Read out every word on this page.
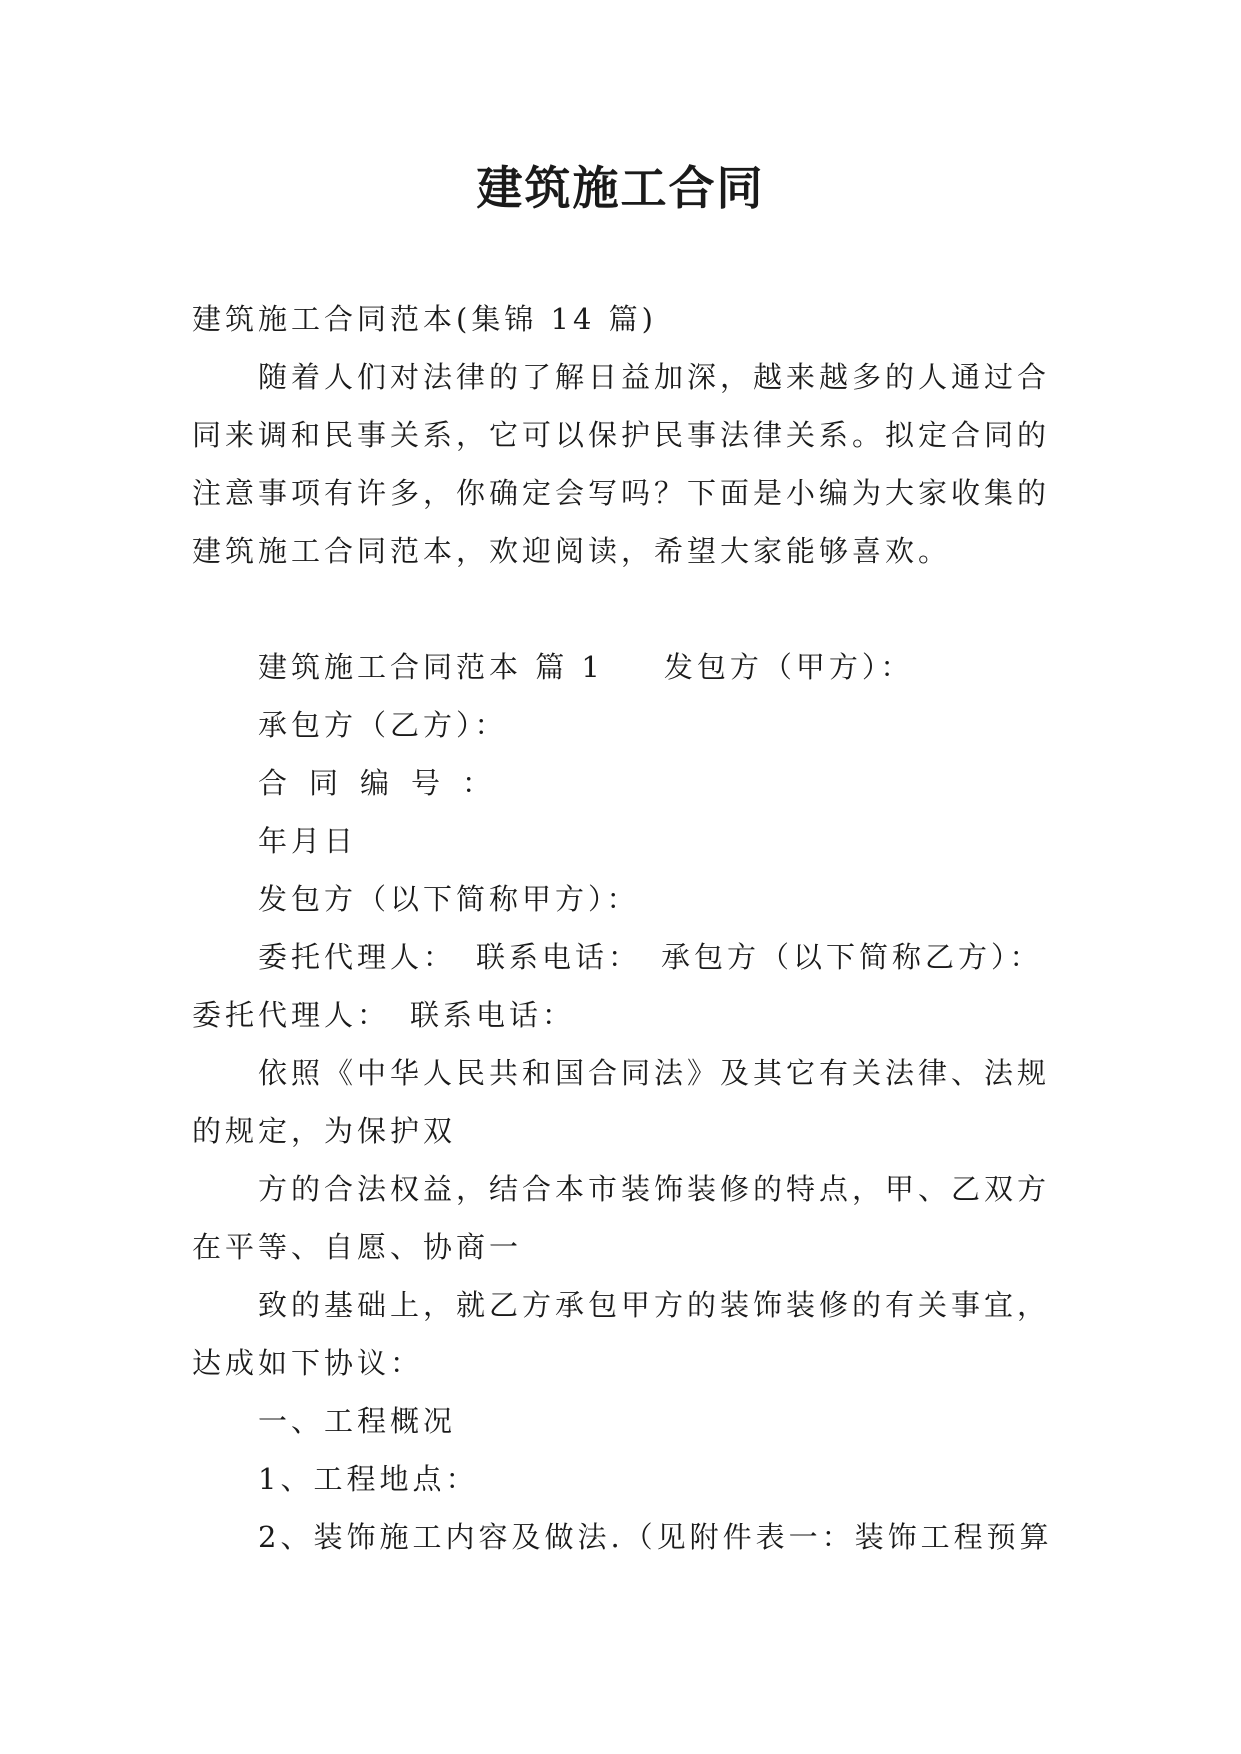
建筑施工合同
建筑施工合同范本(集锦 14 篇)
随着人们对法律的了解日益加深，越来越多的人通过合
同来调和民事关系，它可以保护民事法律关系。拟定合同的
注意事项有许多，你确定会写吗？下面是小编为大家收集的
建筑施工合同范本，欢迎阅读，希望大家能够喜欢。
建筑施工合同范本 篇 1 发包方（甲方）：
承包方（乙方）：
合同编号：
年月日
发包方（以下简称甲方）：
委托代理人： 联系电话： 承包方（以下简称乙方）：
委托代理人： 联系电话：
依照《中华人民共和国合同法》及其它有关法律、法规
的规定，为保护双
方的合法权益，结合本市装饰装修的特点，甲、乙双方
在平等、自愿、协商一
致的基础上，就乙方承包甲方的装饰装修的有关事宜，
达成如下协议：
一、工程概况
1、工程地点：
2、装饰施工内容及做法.（见附件表一：装饰工程预算
